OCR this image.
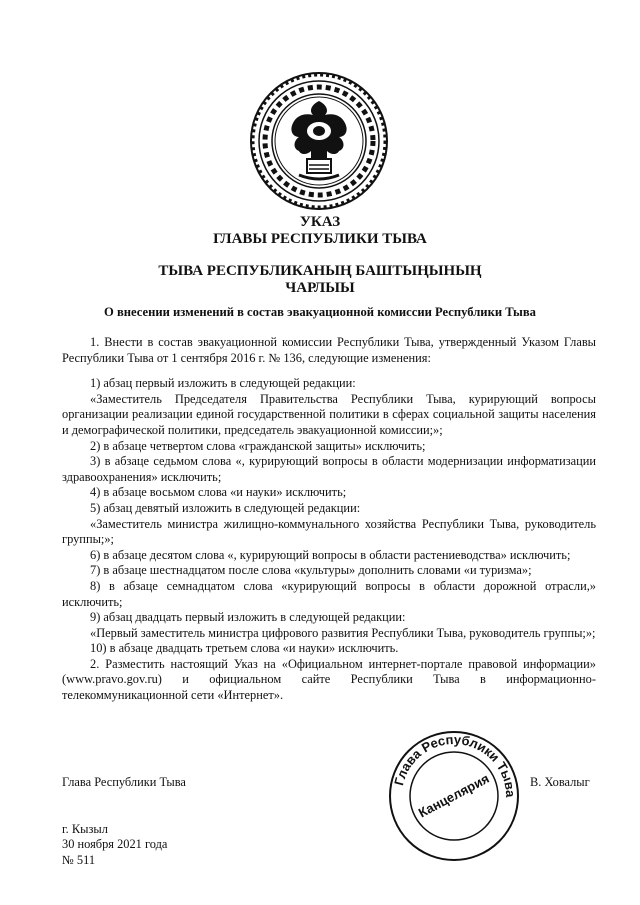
УКАЗ
ГЛАВЫ РЕСПУБЛИКИ ТЫВА
ТЫВА РЕСПУБЛИКАНЫҢ БАШТЫҢЫНЫҢ
ЧАРЛЫЫ
О внесении изменений в состав эвакуационной комиссии Республики Тыва

1. Внести в состав эвакуационной комиссии Республики Тыва, утвержденный Указом Главы Республики Тыва от 1 сентября 2016 г. № 136, следующие изменения:

1) абзац первый изложить в следующей редакции:

«Заместитель Председателя Правительства Республики Тыва, курирующий вопросы организации реализации единой государственной политики в сферах социальной защиты населения и демографической политики, председатель эвакуационной комиссии;»;

2) в абзаце четвертом слова «гражданской защиты» исключить;

3) в абзаце седьмом слова «, курирующий вопросы в области модернизации информатизации здравоохранения» исключить;

4) в абзаце восьмом слова «и науки» исключить;

5) абзац девятый изложить в следующей редакции:

«Заместитель министра жилищно-коммунального хозяйства Республики Тыва, руководитель группы;»;

6) в абзаце десятом слова «, курирующий вопросы в области растениеводства» исключить;

7) в абзаце шестнадцатом после слова «культуры» дополнить словами «и туризма»;

8) в абзаце семнадцатом слова «курирующий вопросы в области дорожной отрасли,» исключить;

9) абзац двадцать первый изложить в следующей редакции:

«Первый заместитель министра цифрового развития Республики Тыва, руководитель группы;»;

10) в абзаце двадцать третьем слова «и науки» исключить.

2. Разместить настоящий Указ на «Официальном интернет-портале правовой информации» (www.pravo.gov.ru) и официальном сайте Республики Тыва в информационно-телекоммуникационной сети «Интернет».

Глава Республики Тыва	Глава Республики Тыва
Канцелярия	В. Ховалыг
г. Кызыл
30 ноября 2021 года
№ 511
